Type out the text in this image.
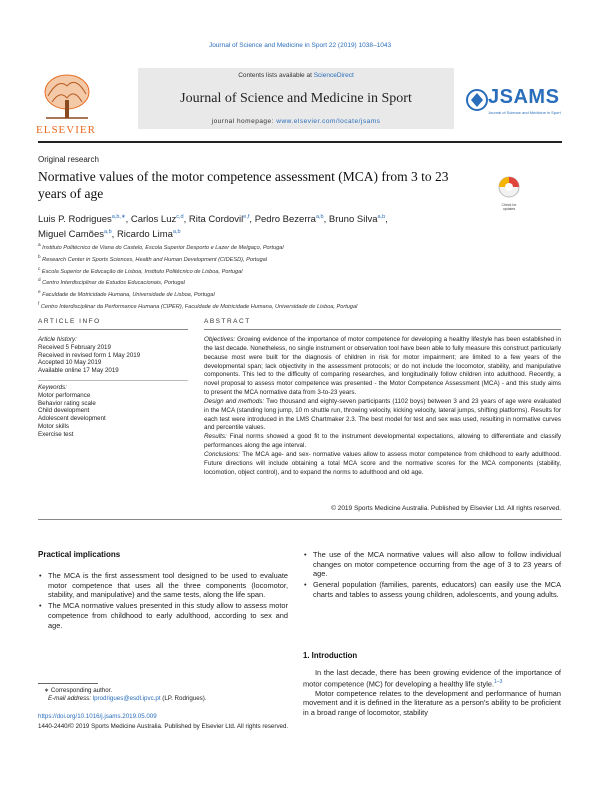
Journal of Science and Medicine in Sport 22 (2019) 1038–1043
ELSEVIER
Contents lists available at ScienceDirect
Journal of Science and Medicine in Sport
journal homepage: www.elsevier.com/locate/jsams
JSAMS
Journal of Science and Medicine in Sport
Original research
Normative values of the motor competence assessment (MCA) from 3 to 23 years of age
Check for updates
Luis P. Rodrigues$^{a,b,∗}$, Carlos Luz$^{c,d}$, Rita Cordovil$^{e,f}$, Pedro Bezerra$^{a,b}$, Bruno Silva$^{a,b}$,
Miguel Camões$^{a,b}$, Ricardo Lima$^{a,b}$
$^a$ Instituto Politécnico de Viana do Castelo, Escola Superior Desporto e Lazer de Melgaço, Portugal
$^b$ Research Center in Sports Sciences, Health and Human Development (CIDESD), Portugal
$^c$ Escola Superior de Educação de Lisboa, Instituto Politécnico de Lisboa, Portugal
$^d$ Centro Interdisciplinar de Estudos Educacionais, Portugal
$^e$ Faculdade de Motricidade Humana, Universidade de Lisboa, Portugal
$^f$ Centro Interdisciplinar da Performance Humana (CIPER), Faculdade de Motricidade Humana, Universidade de Lisboa, Portugal
ARTICLE INFO	ABSTRACT
Article history:
Received 5 February 2019
Received in revised form 1 May 2019
Accepted 10 May 2019
Available online 17 May 2019
Keywords:
Motor performance
Behavior rating scale
Child development
Adolescent development
Motor skills
Exercise test
Objectives: Growing evidence of the importance of motor competence for developing a healthy lifestyle has been established in the last decade. Nonetheless, no single instrument or observation tool have been able to fully measure this construct particularly because most were built for the diagnosis of children in risk for motor impairment; are limited to a few years of the developmental span; lack objectivity in the assessment protocols; or do not include the locomotor, stability, and manipulative components. This led to the difficulty of comparing researches, and longitudinally follow children into adulthood. Recently, a novel proposal to assess motor competence was presented - the Motor Competence Assessment (MCA) - and this study aims to present the MCA normative data from 3-to-23 years.
Design and methods: Two thousand and eighty-seven participants (1102 boys) between 3 and 23 years of age were evaluated in the MCA (standing long jump, 10 m shuttle run, throwing velocity, kicking velocity, lateral jumps, shifting platforms). Results for each test were introduced in the LMS Chartmaker 2.3. The best model for test and sex was used, resulting in normative curves and percentile values.
Results: Final norms showed a good fit to the instrument developmental expectations, allowing to differentiate and classify performances along the age interval.
Conclusions: The MCA age- and sex- normative values allow to assess motor competence from childhood to early adulthood. Future directions will include obtaining a total MCA score and the normative scores for the MCA components (stability, locomotion, object control), and to expand the norms to adulthood and old age.
© 2019 Sports Medicine Australia. Published by Elsevier Ltd. All rights reserved.
Practical implications
• The MCA is the first assessment tool designed to be used to evaluate motor competence that uses all the three components (locomotor, stability, and manipulative) and the same tests, along the life span.
• The MCA normative values presented in this study allow to assess motor competence from childhood to early adulthood, according to sex and age.
• The use of the MCA normative values will also allow to follow individual changes on motor competence occurring from the age of 3 to 23 years of age.
• General population (families, parents, educators) can easily use the MCA charts and tables to assess young children, adolescents, and young adults.
1. Introduction

In the last decade, there has been growing evidence of the importance of motor competence (MC) for developing a healthy life style.$^{1-3}$

Motor competence relates to the development and performance of human movement and it is defined in the literature as a person’s ability to be proficient in a broad range of locomotor, stability

∗ Corresponding author.
E-mail address: lprodrigues@esdl.ipvc.pt (LP. Rodrigues).
https://doi.org/10.1016/j.jsams.2019.05.009
1440-2440/© 2019 Sports Medicine Australia. Published by Elsevier Ltd. All rights reserved.
